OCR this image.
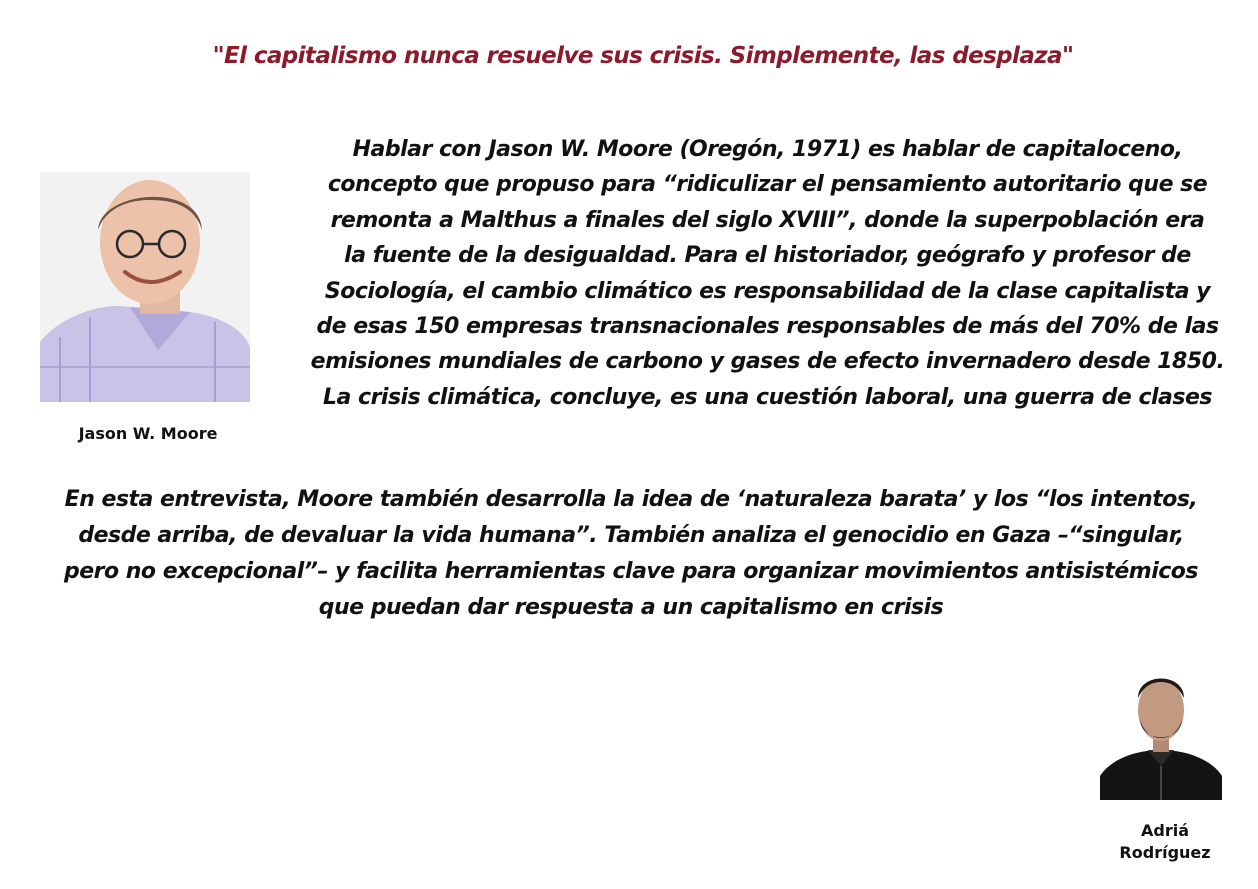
"El capitalismo nunca resuelve sus crisis. Simplemente, las desplaza"
Jason W. Moore
Hablar con Jason W. Moore (Oregón, 1971) es hablar de capitaloceno,
concepto que propuso para “ridiculizar el pensamiento autoritario que se
remonta a Malthus a finales del siglo XVIII”, donde la superpoblación era
la fuente de la desigualdad. Para el historiador, geógrafo y profesor de
Sociología, el cambio climático es responsabilidad de la clase capitalista y
de esas 150 empresas transnacionales responsables de más del 70% de las
emisiones mundiales de carbono y gases de efecto invernadero desde 1850.
La crisis climática, concluye, es una cuestión laboral, una guerra de clases
En esta entrevista, Moore también desarrolla la idea de ‘naturaleza barata’ y los “los intentos,
desde arriba, de devaluar la vida humana”. También analiza el genocidio en Gaza –“singular,
pero no excepcional”– y facilita herramientas clave para organizar movimientos antisistémicos
que puedan dar respuesta a un capitalismo en crisis
Adriá
Rodríguez
